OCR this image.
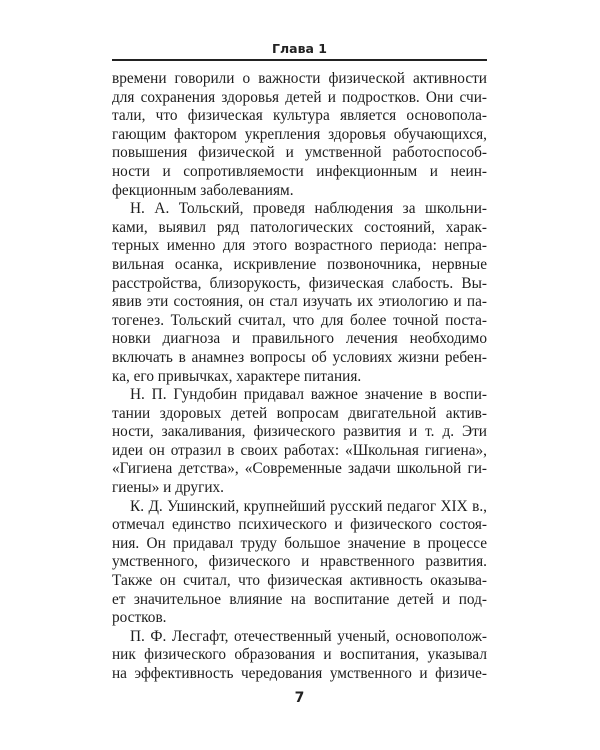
Глава 1
времени говорили о важности физической активности
для сохранения здоровья детей и подростков. Они счи-
тали, что физическая культура является основопола-
гающим фактором укрепления здоровья обучающихся,
повышения физической и умственной работоспособ-
ности и сопротивляемости инфекционным и неин-
фекционным заболеваниям.
Н. А. Тольский, проведя наблюдения за школьни-
ками, выявил ряд патологических состояний, харак-
терных именно для этого возрастного периода: непра-
вильная осанка, искривление позвоночника, нервные
расстройства, близорукость, физическая слабость. Вы-
явив эти состояния, он стал изучать их этиологию и па-
тогенез. Тольский считал, что для более точной поста-
новки диагноза и правильного лечения необходимо
включать в анамнез вопросы об условиях жизни ребен-
ка, его привычках, характере питания.
Н. П. Гундобин придавал важное значение в воспи-
тании здоровых детей вопросам двигательной актив-
ности, закаливания, физического развития и т. д. Эти
идеи он отразил в своих работах: «Школьная гигиена»,
«Гигиена детства», «Современные задачи школьной ги-
гиены» и других.
К. Д. Ушинский, крупнейший русский педагог XIX в.,
отмечал единство психического и физического состоя-
ния. Он придавал труду большое значение в процессе
умственного, физического и нравственного развития.
Также он считал, что физическая активность оказыва-
ет значительное влияние на воспитание детей и под-
ростков.
П. Ф. Лесгафт, отечественный ученый, основополож-
ник физического образования и воспитания, указывал
на эффективность чередования умственного и физиче-
7
